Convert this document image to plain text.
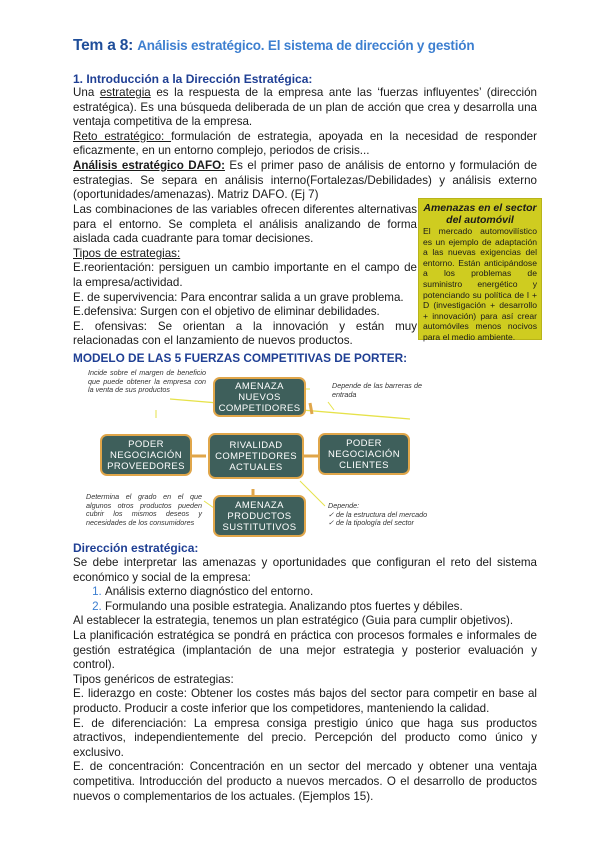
Tem a 8: Análisis estratégico. El sistema de dirección y gestión
1. Introducción a la Dirección Estratégica:

Una estrategia es la respuesta de la empresa ante las ‘fuerzas influyentes’ (dirección estratégica). Es una búsqueda deliberada de un plan de acción que crea y desarrolla una ventaja competitiva de la empresa.

Reto estratégico: formulación de estrategia, apoyada en la necesidad de responder eficazmente, en un entorno complejo, periodos de crisis...

Análisis estratégico DAFO: Es el primer paso de análisis de entorno y formulación de estrategias. Se separa en análisis interno(Fortalezas/Debilidades) y análisis externo (oportunidades/amenazas). Matriz DAFO. (Ej 7)

Las combinaciones de las variables ofrecen diferentes alternativas para el entorno. Se completa el análisis analizando de forma aislada cada cuadrante para tomar decisiones.

Tipos de estrategias:

E.reorientación: persiguen un cambio importante en el campo de la empresa/actividad.

E. de supervivencia: Para encontrar salida a un grave problema.

E.defensiva: Surgen con el objetivo de eliminar debilidades.

E. ofensivas: Se orientan a la innovación y están muy relacionadas con el lanzamiento de nuevos productos.

Amenazas en el sector del automóvil
El mercado automovilístico es un ejemplo de adaptación a las nuevas exigencias del entorno. Están anticipándose a los problemas de suministro energético y potenciando su política de I + D (investigación + desarrollo + innovación) para así crear automóviles menos nocivos para el medio ambiente.
MODELO DE LAS 5 FUERZAS COMPETITIVAS DE PORTER:
AMENAZA NUEVOS COMPETIDORES
PODER NEGOCIACIÓN PROVEEDORES
RIVALIDAD COMPETIDORES ACTUALES
PODER NEGOCIACIÓN CLIENTES
AMENAZA PRODUCTOS SUSTITUTIVOS
Incide sobre el margen de beneficio que puede obtener la empresa con la venta de sus productos	Depende de las barreras de entrada
Determina el grado en el que algunos otros productos pueden cubrir los mismos deseos y necesidades de los consumidores
Depende:
✓ de la estructura del mercado
✓ de la tipología del sector
Dirección estratégica:

Se debe interpretar las amenazas y oportunidades que configuran el reto del sistema económico y social de la empresa:

1. Análisis externo diagnóstico del entorno.
2. Formulando una posible estrategia. Analizando ptos fuertes y débiles.

Al establecer la estrategia, tenemos un plan estratégico (Guia para cumplir objetivos).

La planificación estratégica se pondrá en práctica con procesos formales e informales de gestión estratégica (implantación de una mejor estrategia y posterior evaluación y control).

Tipos genéricos de estrategias:

E. liderazgo en coste: Obtener los costes más bajos del sector para competir en base al producto. Producir a coste inferior que los competidores, manteniendo la calidad.

E. de diferenciación: La empresa consiga prestigio único que haga sus productos atractivos, independientemente del precio. Percepción del producto como único y exclusivo.

E. de concentración: Concentración en un sector del mercado y obtener una ventaja competitiva. Introducción del producto a nuevos mercados. O el desarrollo de productos nuevos o complementarios de los actuales. (Ejemplos 15).
